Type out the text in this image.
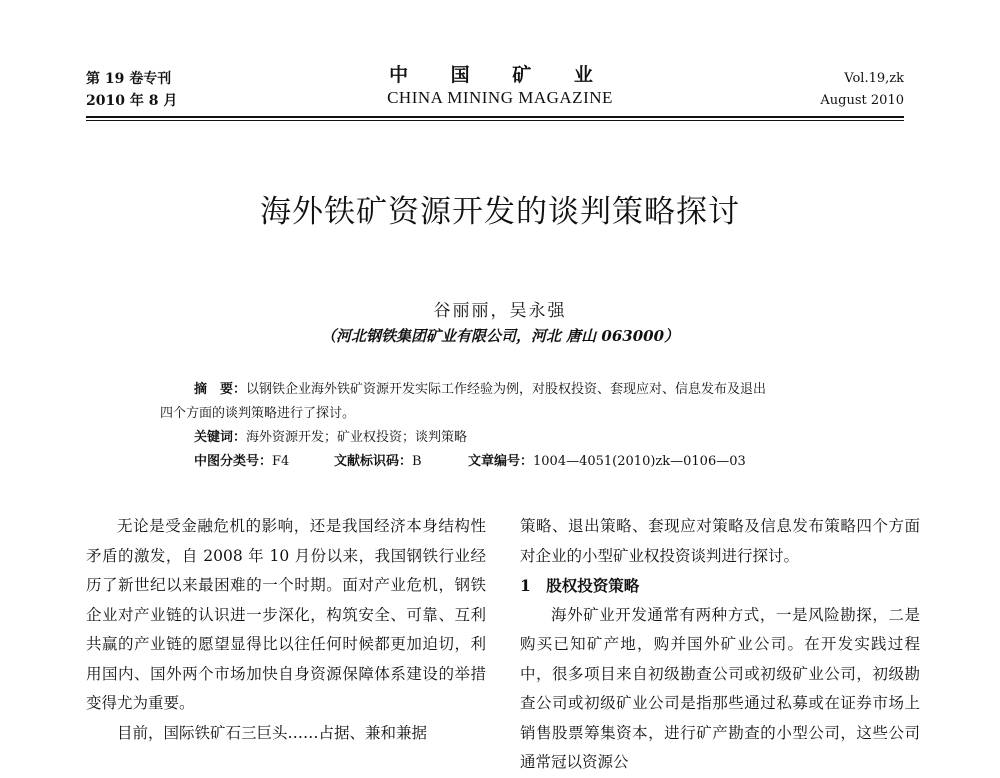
第 19 卷专刊
2010 年 8 月
中 国 矿 业
CHINA MINING MAGAZINE
Vol.19,zk
August 2010
海外铁矿资源开发的谈判策略探讨
谷丽丽，吴永强
（河北钢铁集团矿业有限公司，河北 唐山 063000）
摘　要：以钢铁企业海外铁矿资源开发实际工作经验为例，对股权投资、套现应对、信息发布及退出
四个方面的谈判策略进行了探讨。
关键词：海外资源开发；矿业权投资；谈判策略
中图分类号：F4	文献标识码：B	文章编号：1004—4051(2010)zk—0106—03

无论是受金融危机的影响，还是我国经济本身结构性矛盾的激发，自 2008 年 10 月份以来，我国钢铁行业经历了新世纪以来最困难的一个时期。面对产业危机，钢铁企业对产业链的认识进一步深化，构筑安全、可靠、互利共赢的产业链的愿望显得比以往任何时候都更加迫切，利用国内、国外两个市场加快自身资源保障体系建设的举措变得尤为重要。

目前，国际铁矿石三巨头……占据、兼和兼据

策略、退出策略、套现应对策略及信息发布策略四个方面对企业的小型矿业权投资谈判进行探讨。

1　股权投资策略

海外矿业开发通常有两种方式，一是风险勘探，二是购买已知矿产地，购并国外矿业公司。在开发实践过程中，很多项目来自初级勘查公司或初级矿业公司，初级勘查公司或初级矿业公司是指那些通过私募或在证券市场上销售股票筹集资本，进行矿产勘查的小型公司，这些公司通常冠以资源公
